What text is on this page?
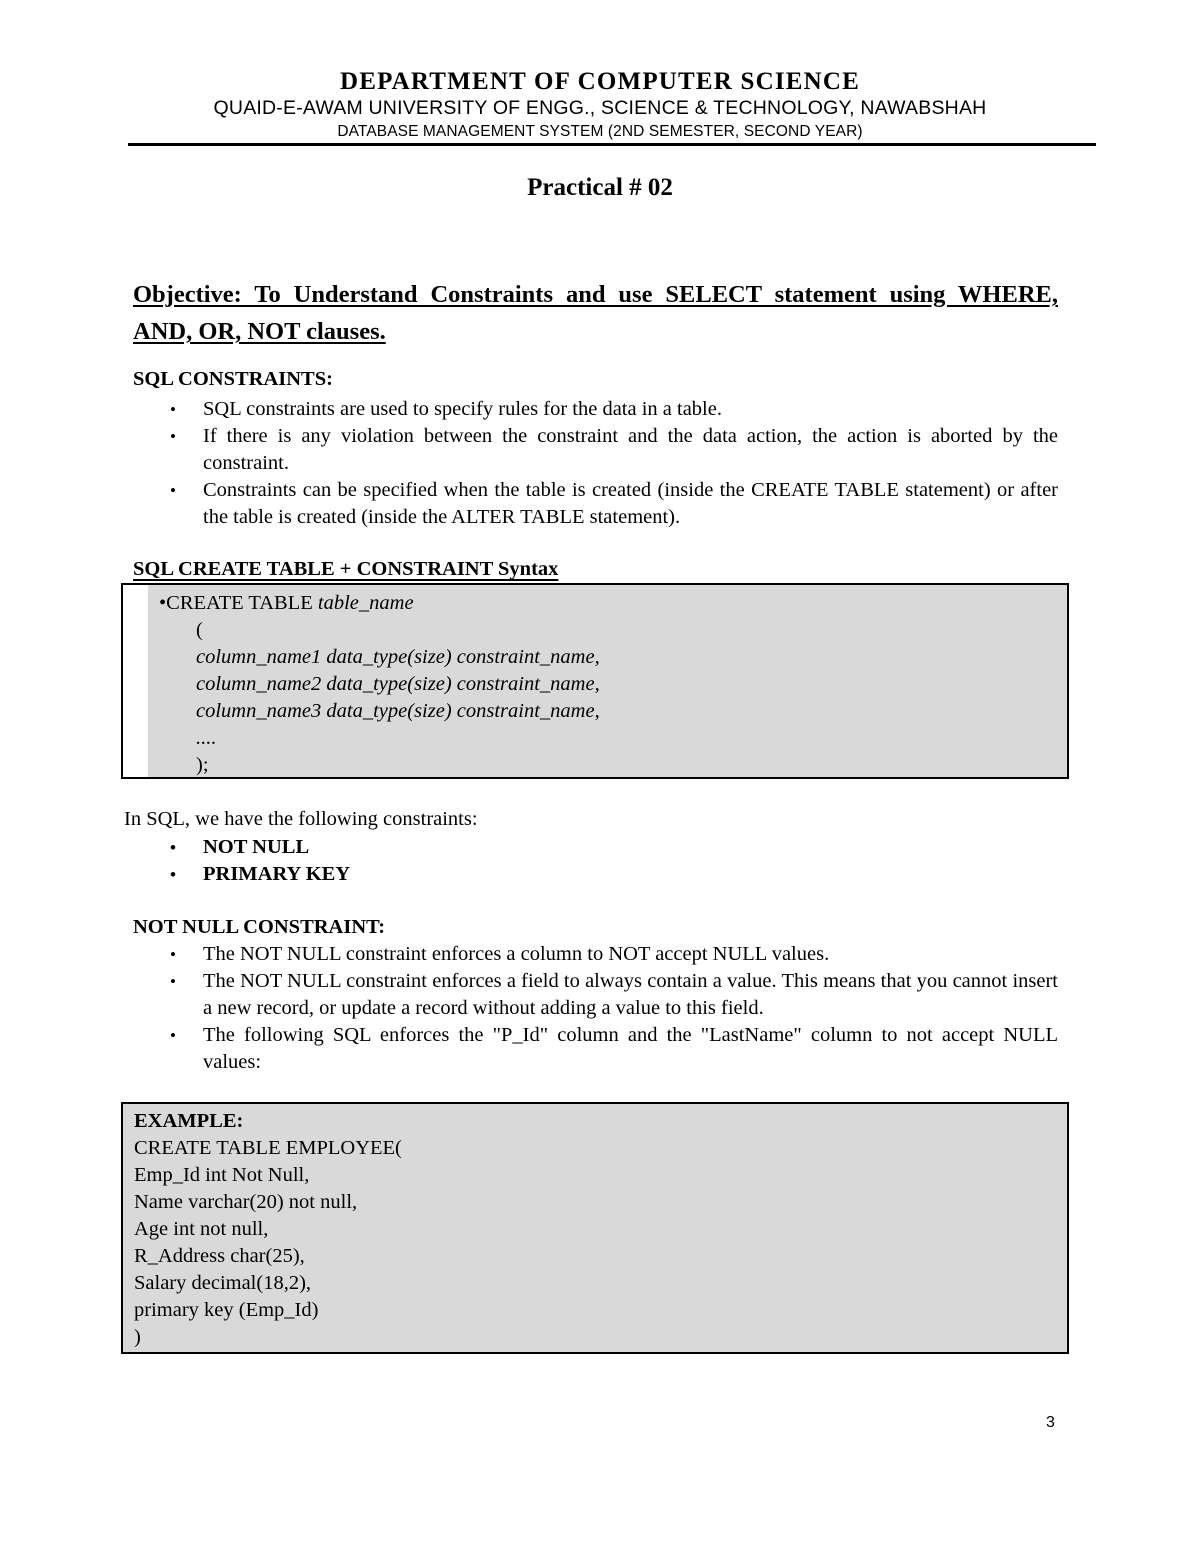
DEPARTMENT OF COMPUTER SCIENCE
QUAID-E-AWAM UNIVERSITY OF ENGG., SCIENCE & TECHNOLOGY, NAWABSHAH
DATABASE MANAGEMENT SYSTEM (2ND SEMESTER, SECOND YEAR)
Practical # 02
Objective: To Understand Constraints and use SELECT statement using WHERE, AND, OR, NOT clauses.
SQL CONSTRAINTS:
• SQL constraints are used to specify rules for the data in a table.
• If there is any violation between the constraint and the data action, the action is aborted by the constraint.
• Constraints can be specified when the table is created (inside the CREATE TABLE statement) or after the table is created (inside the ALTER TABLE statement).
SQL CREATE TABLE + CONSTRAINT Syntax
•CREATE TABLE table_name
(
column_name1 data_type(size) constraint_name,
column_name2 data_type(size) constraint_name,
column_name3 data_type(size) constraint_name,
....
);
In SQL, we have the following constraints:
• NOT NULL
• PRIMARY KEY
NOT NULL CONSTRAINT:
• The NOT NULL constraint enforces a column to NOT accept NULL values.
• The NOT NULL constraint enforces a field to always contain a value. This means that you cannot insert a new record, or update a record without adding a value to this field.
• The following SQL enforces the "P_Id" column and the "LastName" column to not accept NULL values:
EXAMPLE:
CREATE TABLE EMPLOYEE(
Emp_Id int Not Null,
Name varchar(20) not null,
Age int not null,
R_Address char(25),
Salary decimal(18,2),
primary key (Emp_Id)
)
3
